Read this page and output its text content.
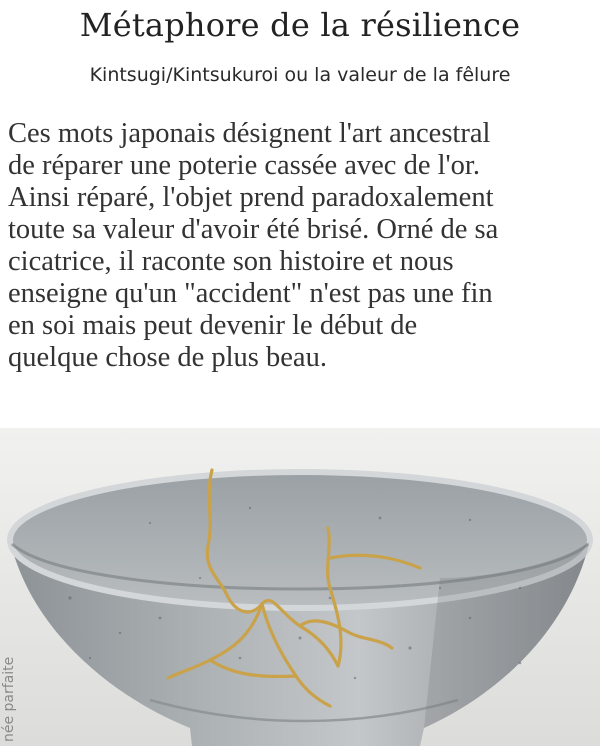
Métaphore de la résilience
Kintsugi/Kintsukuroi ou la valeur de la fêlure

Ces mots japonais désignent l'art ancestral
de réparer une poterie cassée avec de l'or.
Ainsi réparé, l'objet prend paradoxalement
toute sa valeur d'avoir été brisé. Orné de sa
cicatrice, il raconte son histoire et nous
enseigne qu'un "accident" n'est pas une fin
en soi mais peut devenir le début de
quelque chose de plus beau.

née parfaite
